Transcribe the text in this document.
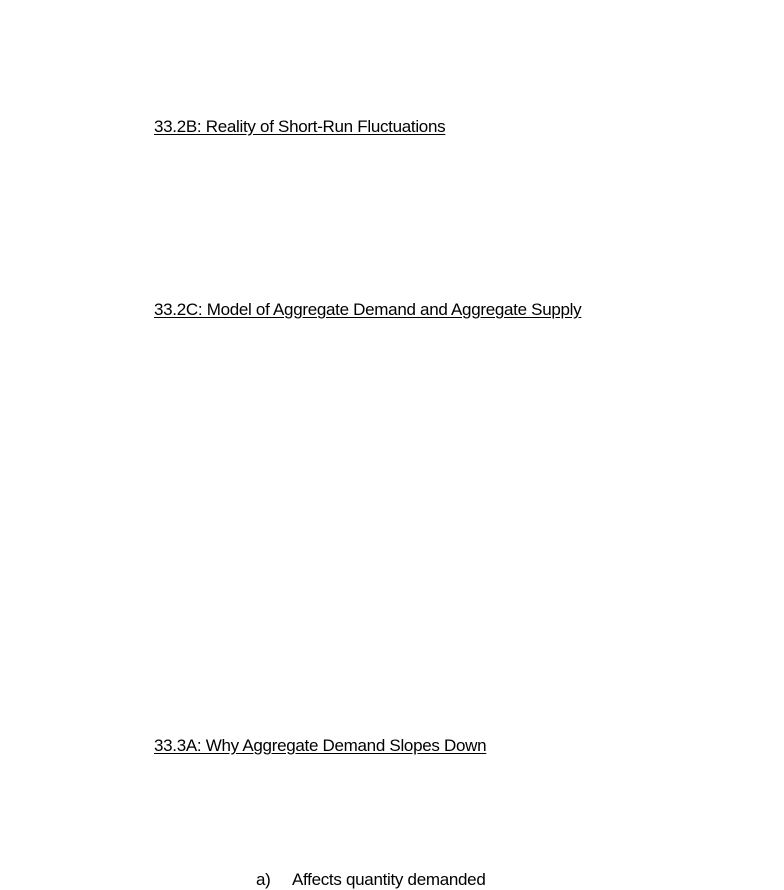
33.2B: Reality of Short-Run Fluctuations
33.2C: Model of Aggregate Demand and Aggregate Supply
33.3A: Why Aggregate Demand Slopes Down
a) Affects quantity demanded
